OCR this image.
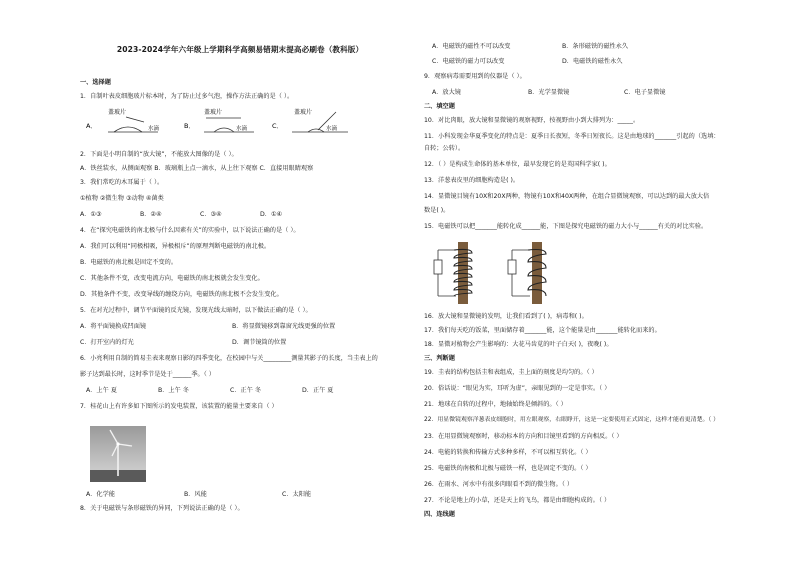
2023-2024学年六年级上学期科学高频易错期末提高必刷卷（教科版）
一、选择题
1．自制叶表皮细胞玻片标本时，为了防止过多气泡，操作方法正确的是（ ）。
A．
盖玻片
水滴	B．
盖玻片
水滴	C．
盖玻片
水滴
2．下面是小明自制的“放大镜”，不能放大图像的是（ ）。
A．铁丝装水，从侧面观察 B．玻璃瓶上点一滴水，从上往下观察 C．直接用眼睛观察
3．我们常吃的木耳属于（ ）。
①植物 ②微生物 ③动物 ④菌类
A．①③	B．②④	C．③④	D．①④
4．在“探究电磁铁的南北极与什么因素有关”的实验中，以下说法正确的是（ ）。
A．我们可以利用“同极相吸，异极相斥”的原理判断电磁铁的南北极。
B．电磁铁的南北极是固定不变的。
C．其他条件不变，改变电流方向，电磁铁的南北极就会发生变化。
D．其他条件不变，改变导线的缠绕方向，电磁铁的南北极不会发生变化。
5．在对光过程中，调节平面镜的反光镜，发现光线太暗时，以下做法正确的是（ ）。
A．将平面镜换成凹面镜	B．将显微镜移到靠窗光线更强的位置
C．打开室内的灯光	D．调节镜筒的位置
6．小亮利用自制的简易圭表来观察日影的四季变化，在校园中与关_________测量其影子的长度，当圭表上的
影子达到最长时，这时季节是处于______季。（ ）
A．上午 夏	B．上午 冬	C．正午 冬	D．正午 夏
7．桂花山上有许多如下图所示的发电装置，该装置的能量主要来自（ ）
A．化学能	B．风能	C．太阳能
8．关于电磁铁与条形磁铁的异同，下列说法正确的是（ ）。
A．电磁铁的磁性不可以改变	B．条形磁铁的磁性永久
C．电磁铁的磁力可以改变	D．电磁铁的磁性永久
9．观察病毒需要用到的仪器是（ ）。
A．放大镜	B．光学显微镜	C．电子显微镜
二、填空题
10．对比肉眼，放大镜和显微镜的观察视野，按视野由小到大排列为：_____。
11．小科发现金华夏季变化的特点是：夏季日长夜短，冬季日短夜长。这是由地球的_______引起的（选填：
自转；公转）。
12．（ ）是构成生命体的基本单位，最早发现它的是英国科学家( )。
13．洋葱表皮里的细胞构造是( )。
14．显微镜目镜有10X和20X两种，物镜有10X和40X两种，在组合显微镜观察，可以达到的最大放大倍
数是( )。
15．电磁铁可以把_______能转化成______能，下图是探究电磁铁的磁力大小与______有关的对比实验。
16．放大镜和显微镜的发明，让我们看到了( )，病毒和( )。
17．我们每天吃的饭菜，里面储存着_______能，这个能量是由_______能转化而来的。
18．显微对植物会产生影响的：大花马齿苋的叶子白天( )，夜晚( )。
三、判断题
19．圭表的结构包括圭和表组成，圭上面的刻度是均匀的。（ ）
20．俗话说：“眼见为实，耳听为虚”，亲眼见到的一定是事实。（ ）
21．地球在自转的过程中，地轴始终是倾斜的。（ ）
22．用显微镜观察洋葱表皮细胞时，用左眼观察，右眼睁开，这是一定要使用正式固定，这样才能看更清楚。（ ）
23．在用显微镜观察时，移动标本的方向和目镜里看到的方向相反。（ ）
24．电能的转换和传输方式多种多样，不可以相互转化。（ ）
25．电磁铁的南极和北极与磁铁一样，也是固定不变的。（ ）
26．在雨水、河水中有很多肉眼看不到的微生物。（ ）
27．不论是地上的小草，还是天上的飞鸟，都是由细胞构成的。（ ）
四、连线题
